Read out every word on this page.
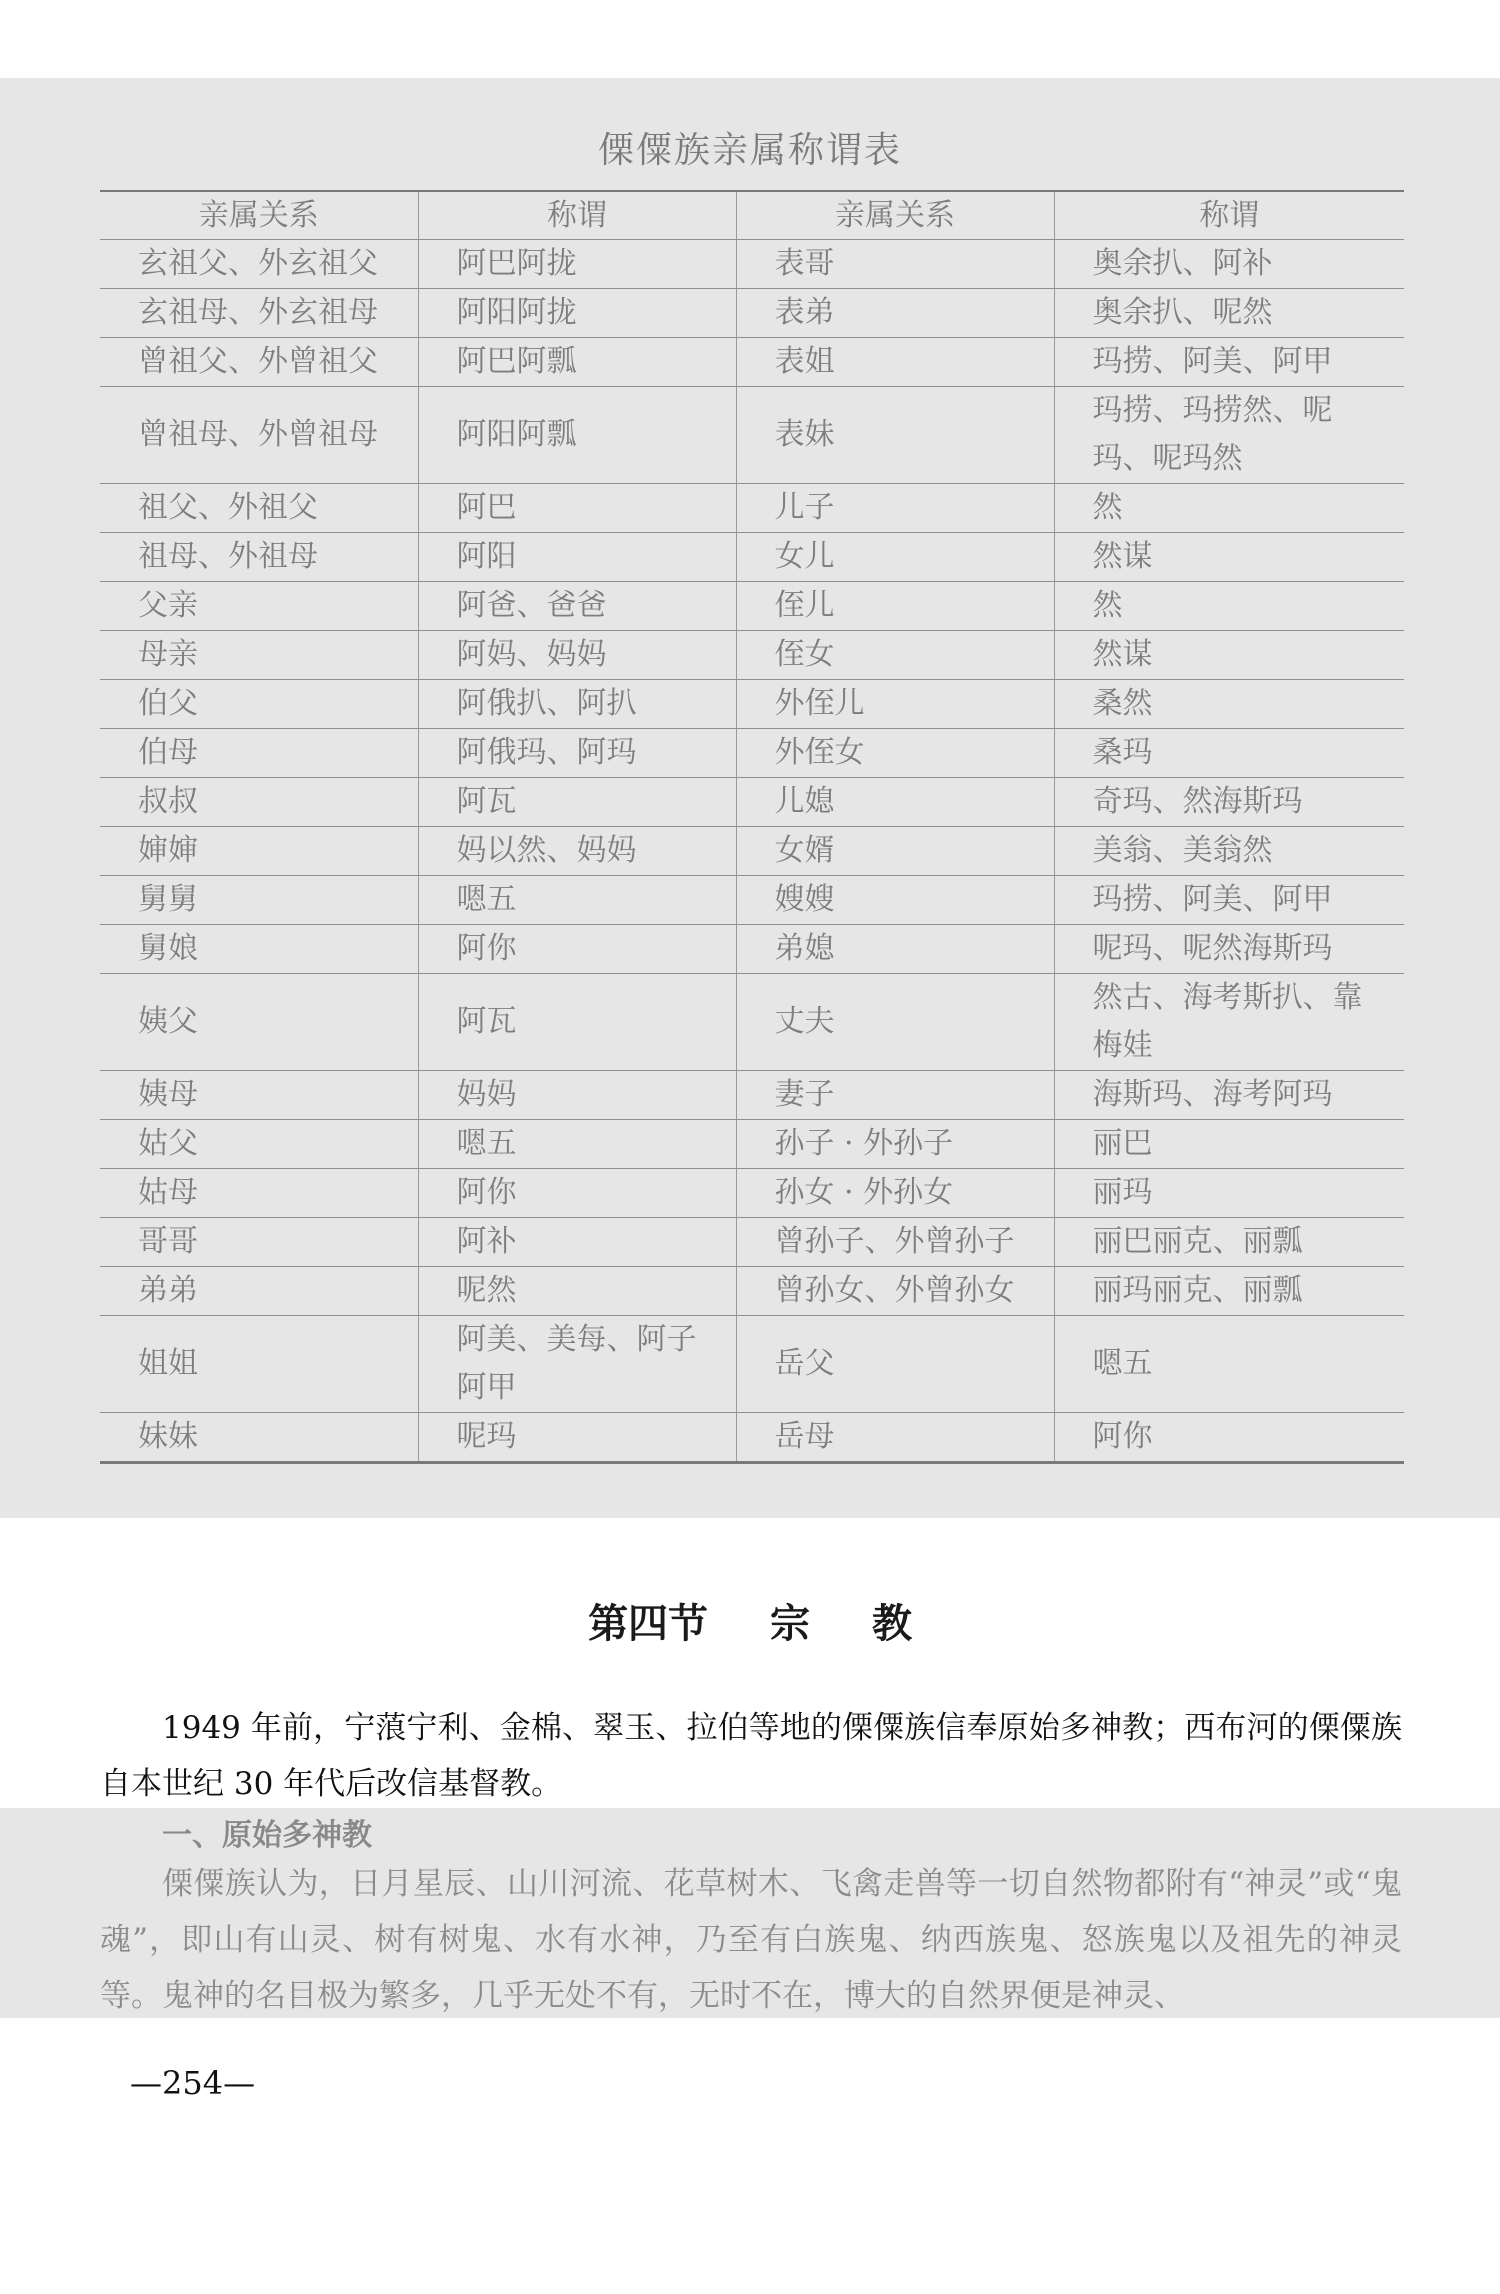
傈僳族亲属称谓表
亲属关系	称谓	亲属关系	称谓

玄祖父、外玄祖父	阿巴阿拢	表哥	奥余扒、阿补

玄祖母、外玄祖母	阿阳阿拢	表弟	奥余扒、呢然

曾祖父、外曾祖父	阿巴阿瓢	表姐	玛捞、阿美、阿甲

曾祖母、外曾祖母	阿阳阿瓢	表妹	玛捞、玛捞然、呢玛、呢玛然

祖父、外祖父	阿巴	儿子	然

祖母、外祖母	阿阳	女儿	然谋

父亲	阿爸、爸爸	侄儿	然

母亲	阿妈、妈妈	侄女	然谋

伯父	阿俄扒、阿扒	外侄儿	桑然

伯母	阿俄玛、阿玛	外侄女	桑玛

叔叔	阿瓦	儿媳	奇玛、然海斯玛

婶婶	妈以然、妈妈	女婿	美翁、美翁然

舅舅	嗯五	嫂嫂	玛捞、阿美、阿甲

舅娘	阿你	弟媳	呢玛、呢然海斯玛

姨父	阿瓦	丈夫	然古、海考斯扒、靠梅娃

姨母	妈妈	妻子	海斯玛、海考阿玛

姑父	嗯五	孙子 · 外孙子	丽巴

姑母	阿你	孙女 · 外孙女	丽玛

哥哥	阿补	曾孙子、外曾孙子	丽巴丽克、丽瓢

弟弟	呢然	曾孙女、外曾孙女	丽玛丽克、丽瓢

姐姐	阿美、美每、阿子阿甲	岳父	嗯五

妹妹	呢玛	岳母	阿你
第四节 宗 教
1949 年前，宁蒗宁利、金棉、翠玉、拉伯等地的傈僳族信奉原始多神教；西布河的傈僳族自本世纪 30 年代后改信基督教。
一、原始多神教
傈僳族认为，日月星辰、山川河流、花草树木、飞禽走兽等一切自然物都附有“神灵”或“鬼魂”，即山有山灵、树有树鬼、水有水神，乃至有白族鬼、纳西族鬼、怒族鬼以及祖先的神灵等。鬼神的名目极为繁多，几乎无处不有，无时不在，博大的自然界便是神灵、
—254—
